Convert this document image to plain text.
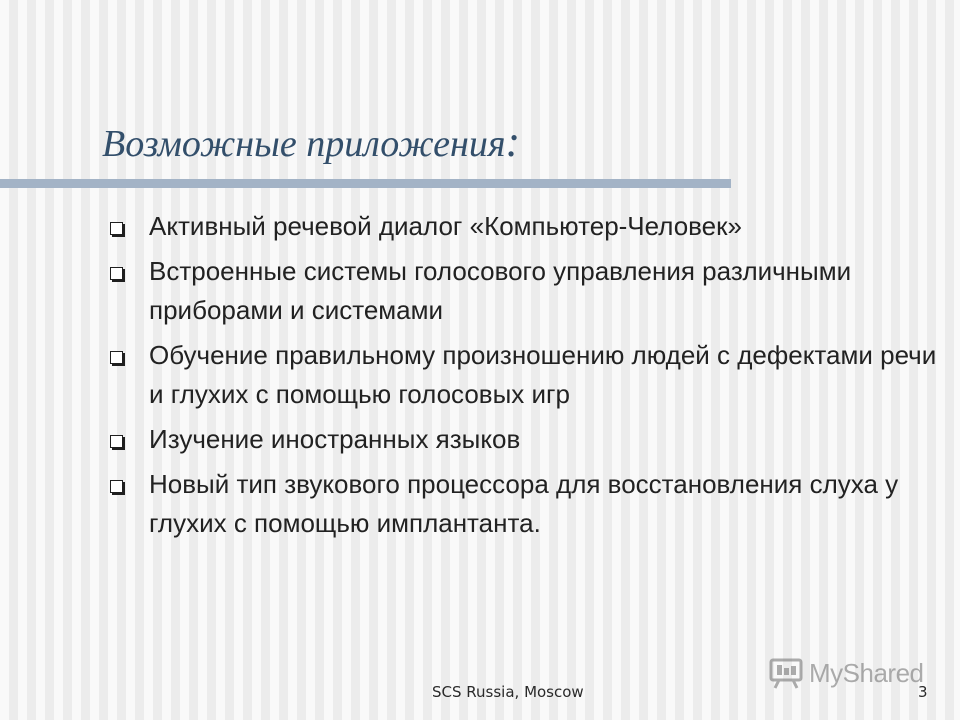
Возможные приложения:
Активный речевой диалог «Компьютер-Человек»
Встроенные системы голосового управления различными приборами и системами
Обучение правильному произношению людей с дефектами речи и глухих с помощью голосовых игр
Изучение иностранных языков
Новый тип звукового процессора для восстановления слуха у глухих с помощью имплантанта.
MyShared
SCS Russia, Moscow	3
